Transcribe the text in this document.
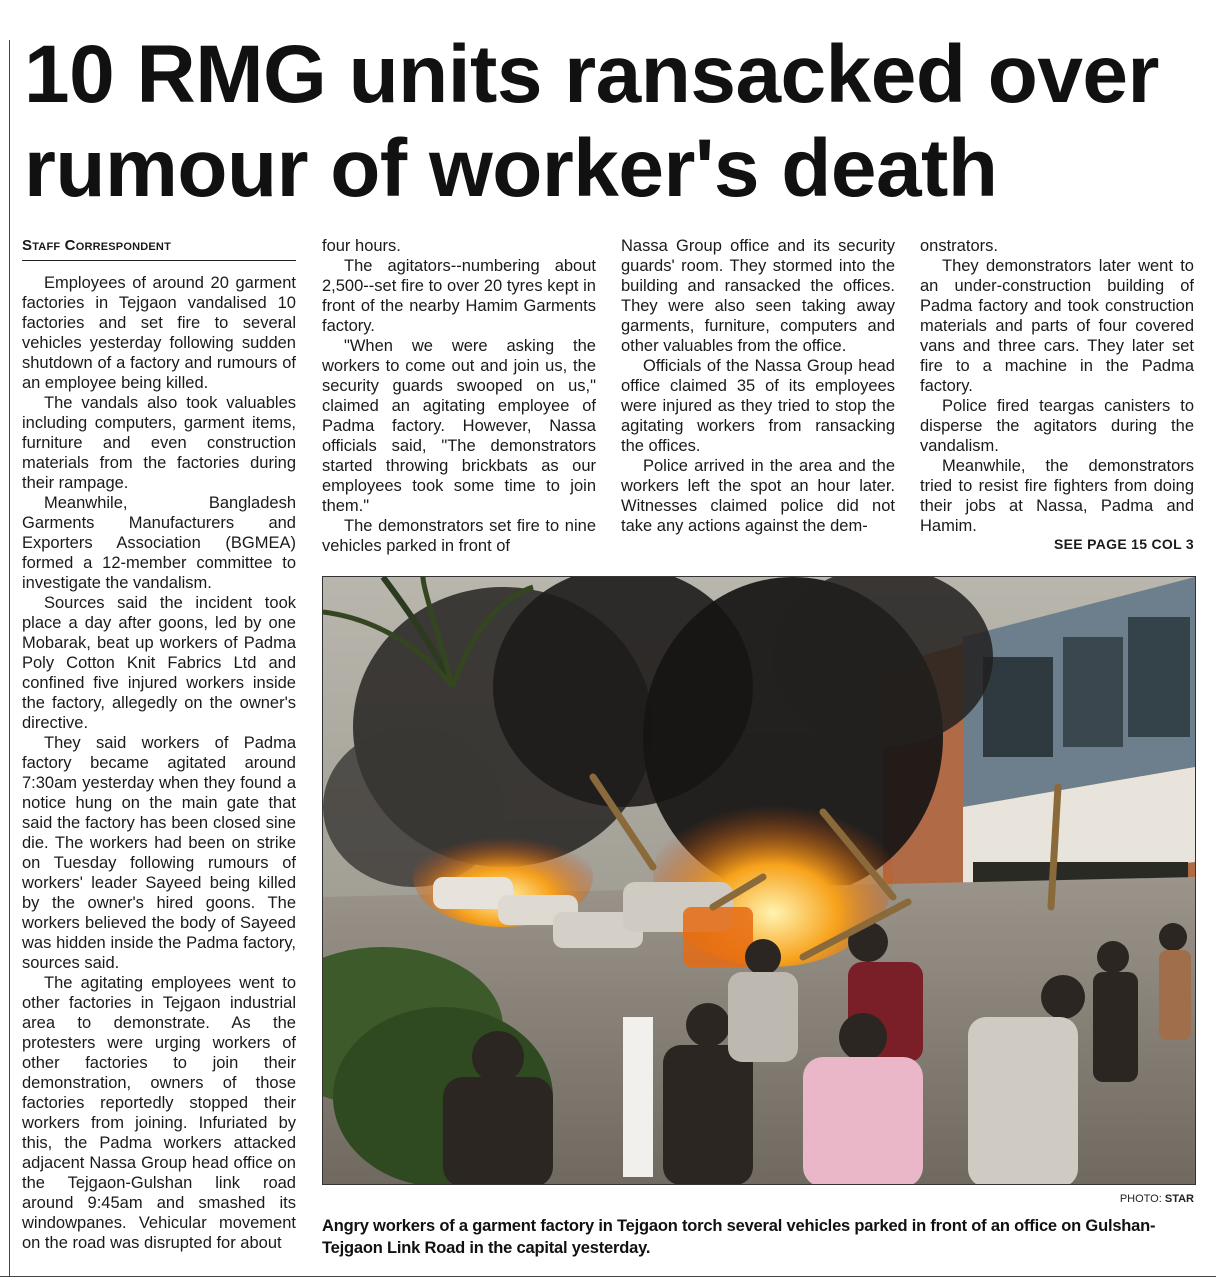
10 RMG units ransacked over rumour of worker's death
Staff Correspondent

Employees of around 20 garment factories in Tejgaon vandalised 10 factories and set fire to several vehicles yesterday following sudden shutdown of a factory and rumours of an employee being killed.

The vandals also took valuables including computers, garment items, furniture and even construction materials from the factories during their rampage.

Meanwhile, Bangladesh Garments Manufacturers and Exporters Association (BGMEA) formed a 12-member committee to investigate the vandalism.

Sources said the incident took place a day after goons, led by one Mobarak, beat up workers of Padma Poly Cotton Knit Fabrics Ltd and confined five injured workers inside the factory, allegedly on the owner's directive.

They said workers of Padma factory became agitated around 7:30am yesterday when they found a notice hung on the main gate that said the factory has been closed sine die. The workers had been on strike on Tuesday following rumours of workers' leader Sayeed being killed by the owner's hired goons. The workers believed the body of Sayeed was hidden inside the Padma factory, sources said.

The agitating employees went to other factories in Tejgaon industrial area to demonstrate. As the protesters were urging workers of other factories to join their demonstration, owners of those factories reportedly stopped their workers from joining. Infuriated by this, the Padma workers attacked adjacent Nassa Group head office on the Tejgaon-Gulshan link road around 9:45am and smashed its windowpanes. Vehicular movement on the road was disrupted for about

four hours.

The agitators--numbering about 2,500--set fire to over 20 tyres kept in front of the nearby Hamim Garments factory.

"When we were asking the workers to come out and join us, the security guards swooped on us," claimed an agitating employee of Padma factory. However, Nassa officials said, "The demonstrators started throwing brickbats as our employees took some time to join them."

The demonstrators set fire to nine vehicles parked in front of

Nassa Group office and its security guards' room. They stormed into the building and ransacked the offices. They were also seen taking away garments, furniture, computers and other valuables from the office.

Officials of the Nassa Group head office claimed 35 of its employees were injured as they tried to stop the agitating workers from ransacking the offices.

Police arrived in the area and the workers left the spot an hour later. Witnesses claimed police did not take any actions against the dem-

onstrators.

They demonstrators later went to an under-construction building of Padma factory and took construction materials and parts of four covered vans and three cars. They later set fire to a machine in the Padma factory.

Police fired teargas canisters to disperse the agitators during the vandalism.

Meanwhile, the demonstrators tried to resist fire fighters from doing their jobs at Nassa, Padma and Hamim.

SEE PAGE 15 COL 3
PHOTO: STAR

Angry workers of a garment factory in Tejgaon torch several vehicles parked in front of an office on Gulshan-Tejgaon Link Road in the capital yesterday.
